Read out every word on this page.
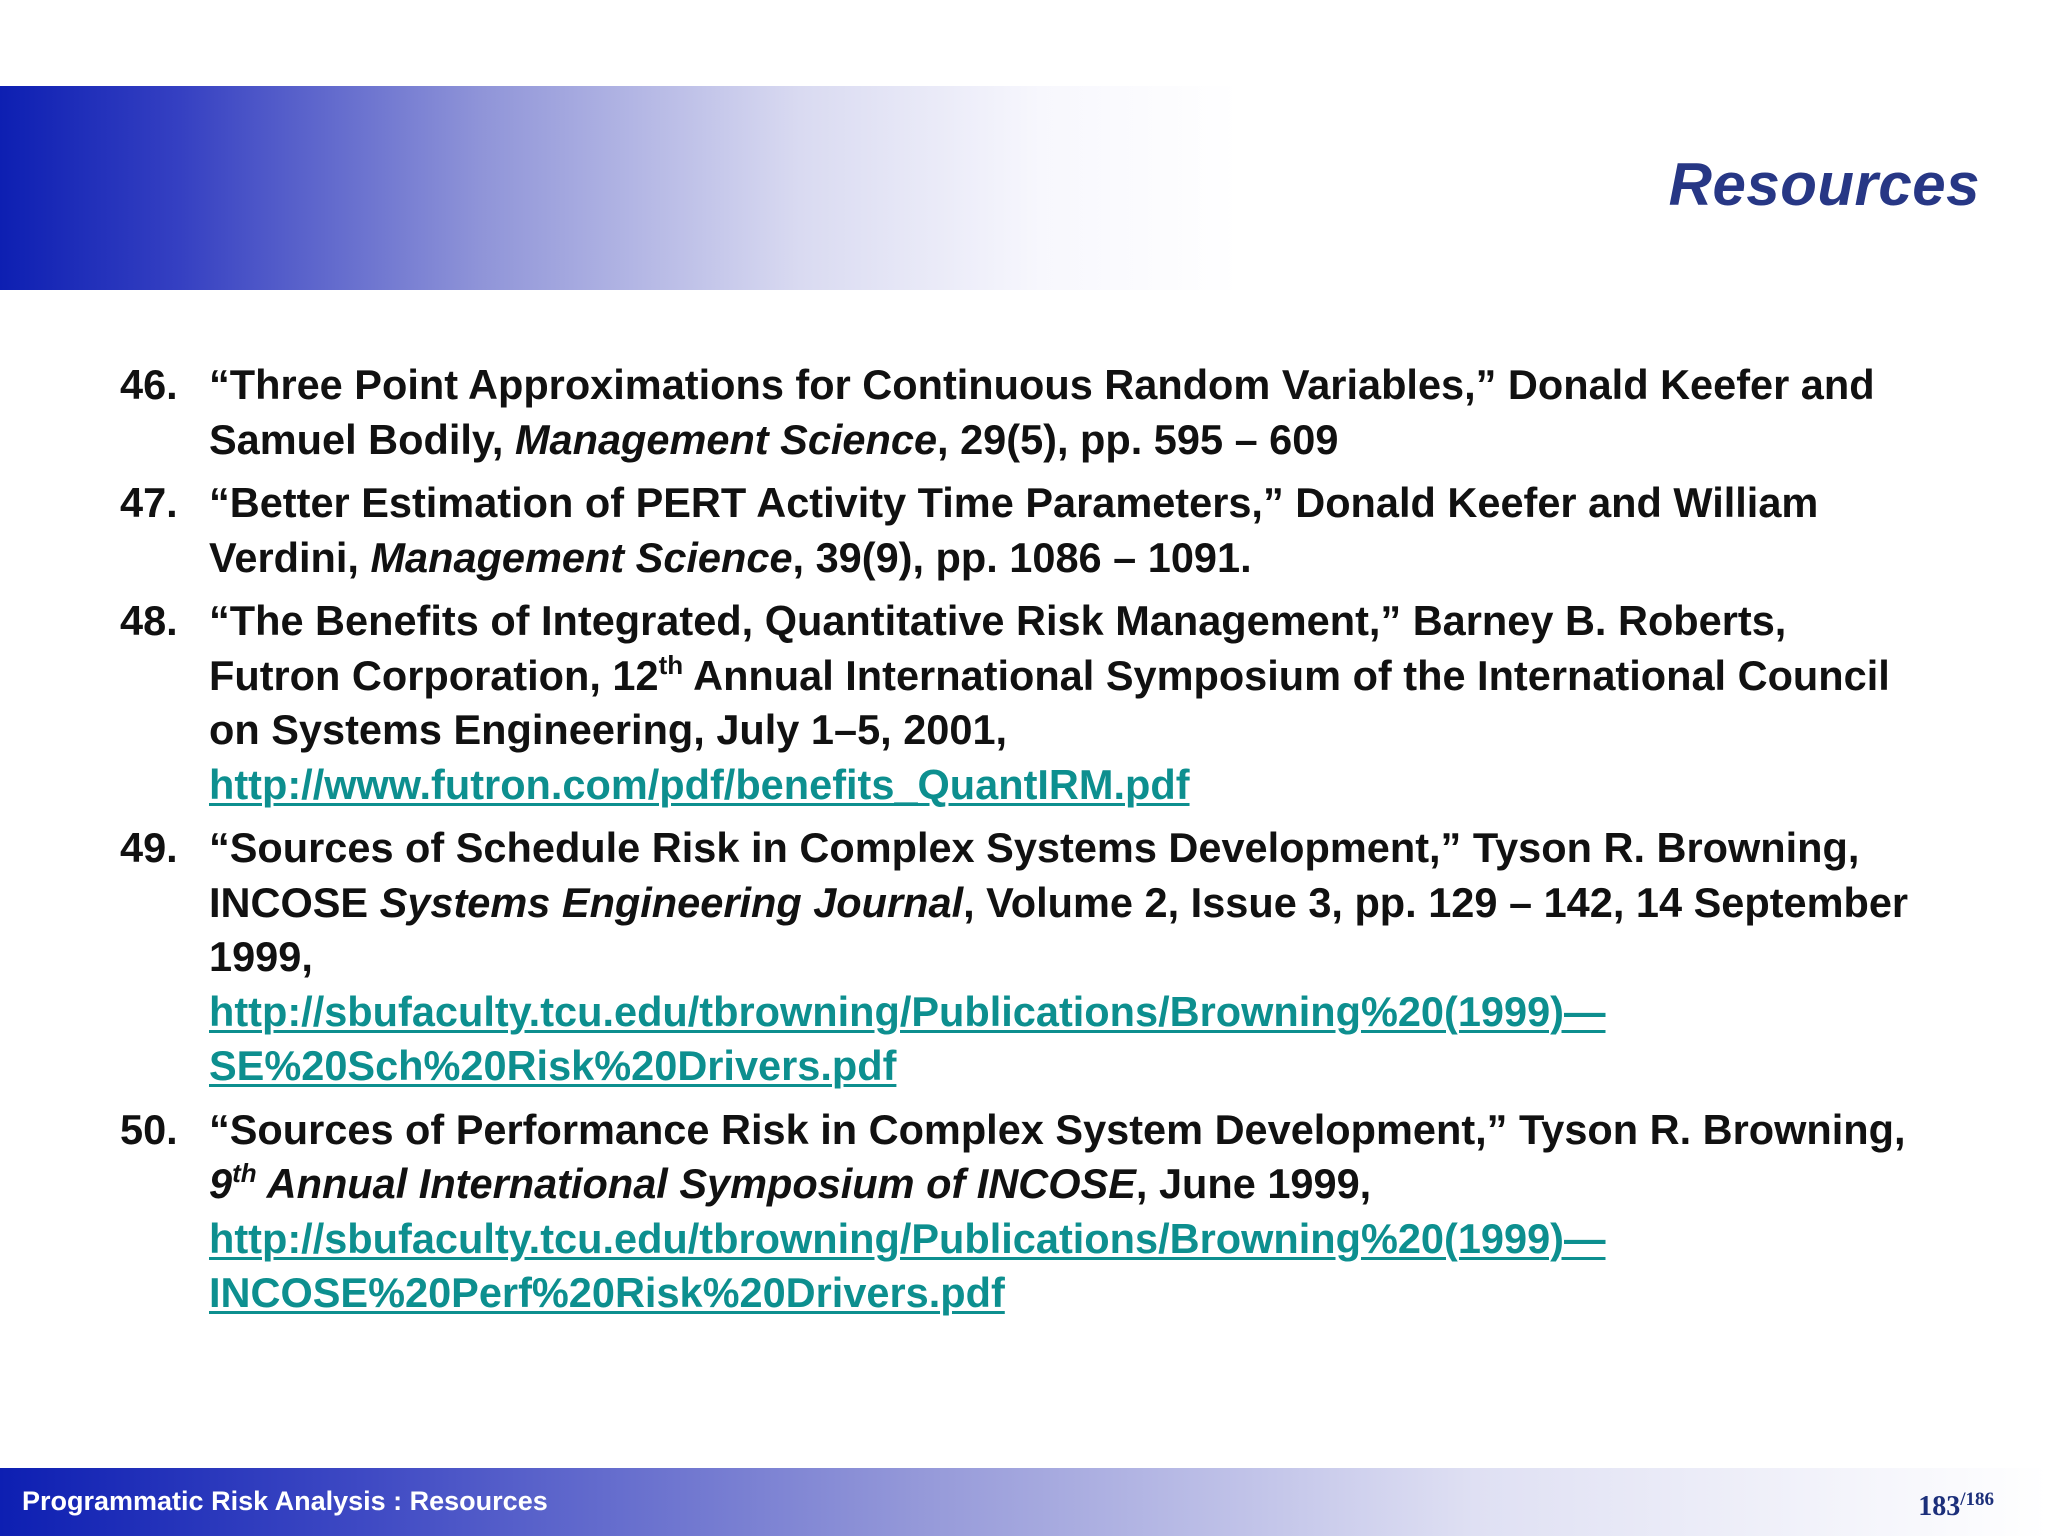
Resources
46. “Three Point Approximations for Continuous Random Variables,” Donald Keefer and Samuel Bodily, Management Science, 29(5), pp. 595 – 609
47. “Better Estimation of PERT Activity Time Parameters,” Donald Keefer and William Verdini, Management Science, 39(9), pp. 1086 – 1091.
48. “The Benefits of Integrated, Quantitative Risk Management,” Barney B. Roberts, Futron Corporation, 12th Annual International Symposium of the International Council on Systems Engineering, July 1–5, 2001,
http://www.futron.com/pdf/benefits_QuantIRM.pdf
49. “Sources of Schedule Risk in Complex Systems Development,” Tyson R. Browning, INCOSE Systems Engineering Journal, Volume 2, Issue 3, pp. 129 – 142, 14 September 1999,
http://sbufaculty.tcu.edu/tbrowning/Publications/Browning%20(1999)—
SE%20Sch%20Risk%20Drivers.pdf
50. “Sources of Performance Risk in Complex System Development,” Tyson R. Browning, 9th Annual International Symposium of INCOSE, June 1999,
http://sbufaculty.tcu.edu/tbrowning/Publications/Browning%20(1999)—
INCOSE%20Perf%20Risk%20Drivers.pdf
Programmatic Risk Analysis : Resources	$183^{/186}$
